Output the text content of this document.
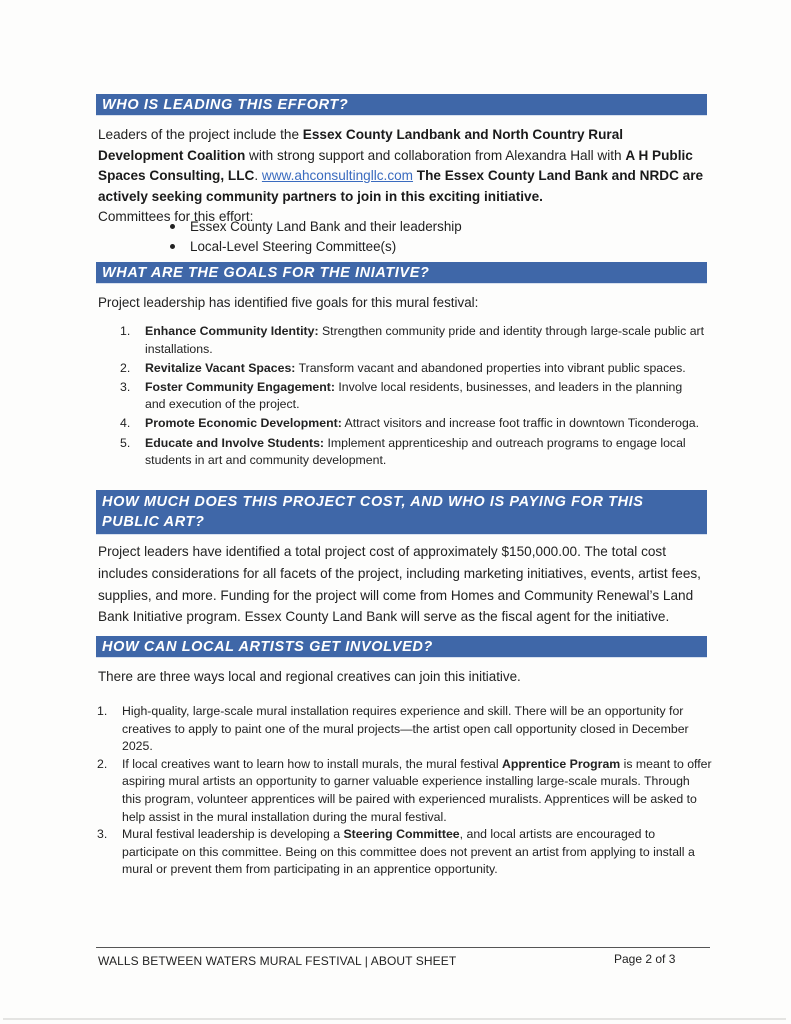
WHO IS LEADING THIS EFFORT?
Leaders of the project include the Essex County Landbank and North Country Rural Development Coalition with strong support and collaboration from Alexandra Hall with A H Public Spaces Consulting, LLC. www.ahconsultingllc.com The Essex County Land Bank and NRDC are actively seeking community partners to join in this exciting initiative.
Committees for this effort:
Essex County Land Bank and their leadership
Local-Level Steering Committee(s)
WHAT ARE THE GOALS FOR THE INIATIVE?
Project leadership has identified five goals for this mural festival:
1. Enhance Community Identity: Strengthen community pride and identity through large-scale public art installations.
2. Revitalize Vacant Spaces: Transform vacant and abandoned properties into vibrant public spaces.
3. Foster Community Engagement: Involve local residents, businesses, and leaders in the planning and execution of the project.
4. Promote Economic Development: Attract visitors and increase foot traffic in downtown Ticonderoga.
5. Educate and Involve Students: Implement apprenticeship and outreach programs to engage local students in art and community development.
HOW MUCH DOES THIS PROJECT COST, AND WHO IS PAYING FOR THIS PUBLIC ART?
Project leaders have identified a total project cost of approximately $150,000.00. The total cost includes considerations for all facets of the project, including marketing initiatives, events, artist fees, supplies, and more. Funding for the project will come from Homes and Community Renewal’s Land Bank Initiative program. Essex County Land Bank will serve as the fiscal agent for the initiative.
HOW CAN LOCAL ARTISTS GET INVOLVED?
There are three ways local and regional creatives can join this initiative.
1. High-quality, large-scale mural installation requires experience and skill. There will be an opportunity for creatives to apply to paint one of the mural projects—the artist open call opportunity closed in December 2025.
2. If local creatives want to learn how to install murals, the mural festival Apprentice Program is meant to offer aspiring mural artists an opportunity to garner valuable experience installing large-scale murals. Through this program, volunteer apprentices will be paired with experienced muralists. Apprentices will be asked to help assist in the mural installation during the mural festival.
3. Mural festival leadership is developing a Steering Committee, and local artists are encouraged to participate on this committee. Being on this committee does not prevent an artist from applying to install a mural or prevent them from participating in an apprentice opportunity.
WALLS BETWEEN WATERS MURAL FESTIVAL | ABOUT SHEET	Page 2 of 3
